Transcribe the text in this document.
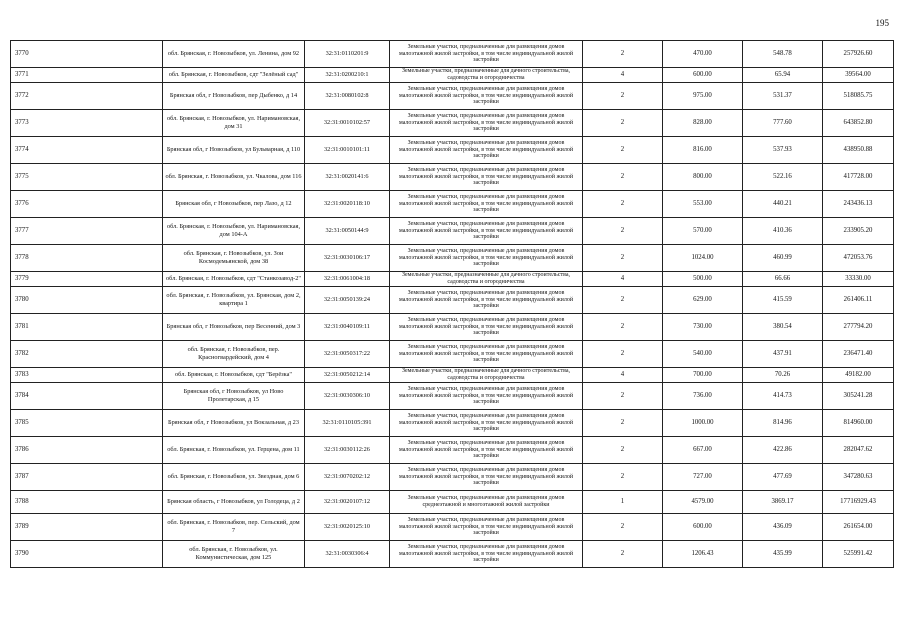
195
3770	обл. Брянская, г. Новозыбков, ул. Ленина, дом 92	32:31:0110201:9	Земельные участки, предназначенные для размещения домов малоэтажной жилой застройки, в том числе индивидуальной жилой застройки	2	470.00	548.78	257926.60
3771	обл. Брянская, г. Новозыбков, сдт "Зелёный сад"	32:31:0200210:1	Земельные участки, предназначенные для дачного строительства, садоводства и огородничества	4	600.00	65.94	39564.00
3772	Брянская обл, г Новозыбков, пер Дыбенко, д 14	32:31:0080102:8	Земельные участки, предназначенные для размещения домов малоэтажной жилой застройки, в том числе индивидуальной жилой застройки	2	975.00	531.37	518085.75
3773	обл. Брянская, г. Новозыбков, ул. Наримановская, дом 31	32:31:0010102:57	Земельные участки, предназначенные для размещения домов малоэтажной жилой застройки, в том числе индивидуальной жилой застройки	2	828.00	777.60	643852.80
3774	Брянская обл, г Новозыбков, ул Бульварная, д 110	32:31:0010101:11	Земельные участки, предназначенные для размещения домов малоэтажной жилой застройки, в том числе индивидуальной жилой застройки	2	816.00	537.93	438950.88
3775	обл. Брянская, г. Новозыбков, ул. Чкалова, дом 116	32:31:0020141:6	Земельные участки, предназначенные для размещения домов малоэтажной жилой застройки, в том числе индивидуальной жилой застройки	2	800.00	522.16	417728.00
3776	Брянская обл, г Новозыбков, пер Лазо, д 12	32:31:0020118:10	Земельные участки, предназначенные для размещения домов малоэтажной жилой застройки, в том числе индивидуальной жилой застройки	2	553.00	440.21	243436.13
3777	обл. Брянская, г. Новозыбков, ул. Наримановская, дом 104-А	32:31:0050144:9	Земельные участки, предназначенные для размещения домов малоэтажной жилой застройки, в том числе индивидуальной жилой застройки	2	570.00	410.36	233905.20
3778	обл. Брянская, г. Новозыбков, ул. Зои Космодемьянской, дом 38	32:31:0030106:17	Земельные участки, предназначенные для размещения домов малоэтажной жилой застройки, в том числе индивидуальной жилой застройки	2	1024.00	460.99	472053.76
3779	обл. Брянская, г. Новозыбков, сдт "Станкозавод-2"	32:31:0061004:18	Земельные участки, предназначенные для дачного строительства, садоводства и огородничества	4	500.00	66.66	33330.00
3780	обл. Брянская, г. Новозыбков, ул. Брянская, дом 2, квартира 1	32:31:0050139:24	Земельные участки, предназначенные для размещения домов малоэтажной жилой застройки, в том числе индивидуальной жилой застройки	2	629.00	415.59	261406.11
3781	Брянская обл, г Новозыбков, пер Весенний, дом 3	32:31:0040109:11	Земельные участки, предназначенные для размещения домов малоэтажной жилой застройки, в том числе индивидуальной жилой застройки	2	730.00	380.54	277794.20
3782	обл. Брянская, г. Новозыбков, пер. Красногвардейский, дом 4	32:31:0050317:22	Земельные участки, предназначенные для размещения домов малоэтажной жилой застройки, в том числе индивидуальной жилой застройки	2	540.00	437.91	236471.40
3783	обл. Брянская, г. Новозыбков, сдт "Берёзка"	32:31:0050212:14	Земельные участки, предназначенные для дачного строительства, садоводства и огородничества	4	700.00	70.26	49182.00
3784	Брянская обл, г Новозыбков, ул Ново Пролетарская, д 15	32:31:0030306:10	Земельные участки, предназначенные для размещения домов малоэтажной жилой застройки, в том числе индивидуальной жилой застройки	2	736.00	414.73	305241.28
3785	Брянская обл, г Новозыбков, ул Вокзальная, д 23	32:31:0110105:391	Земельные участки, предназначенные для размещения домов малоэтажной жилой застройки, в том числе индивидуальной жилой застройки	2	1000.00	814.96	814960.00
3786	обл. Брянская, г. Новозыбков, ул. Герцена, дом 11	32:31:0030112:26	Земельные участки, предназначенные для размещения домов малоэтажной жилой застройки, в том числе индивидуальной жилой застройки	2	667.00	422.86	282047.62
3787	обл. Брянская, г. Новозыбков, ул. Звездная, дом 6	32:31:0070202:12	Земельные участки, предназначенные для размещения домов малоэтажной жилой застройки, в том числе индивидуальной жилой застройки	2	727.00	477.69	347280.63
3788	Брянская область, г Новозыбков, ул Голодеца, д 2	32:31:0020107:12	Земельные участки, предназначенные для размещения домов среднеэтажной и многоэтажной жилой застройки	1	4579.00	3869.17	17716929.43
3789	обл. Брянская, г. Новозыбков, пер. Сельский, дом 7	32:31:0020125:10	Земельные участки, предназначенные для размещения домов малоэтажной жилой застройки, в том числе индивидуальной жилой застройки	2	600.00	436.09	261654.00
3790	обл. Брянская, г. Новозыбков, ул. Коммунистическая, дом 125	32:31:0030306:4	Земельные участки, предназначенные для размещения домов малоэтажной жилой застройки, в том числе индивидуальной жилой застройки	2	1206.43	435.99	525991.42
